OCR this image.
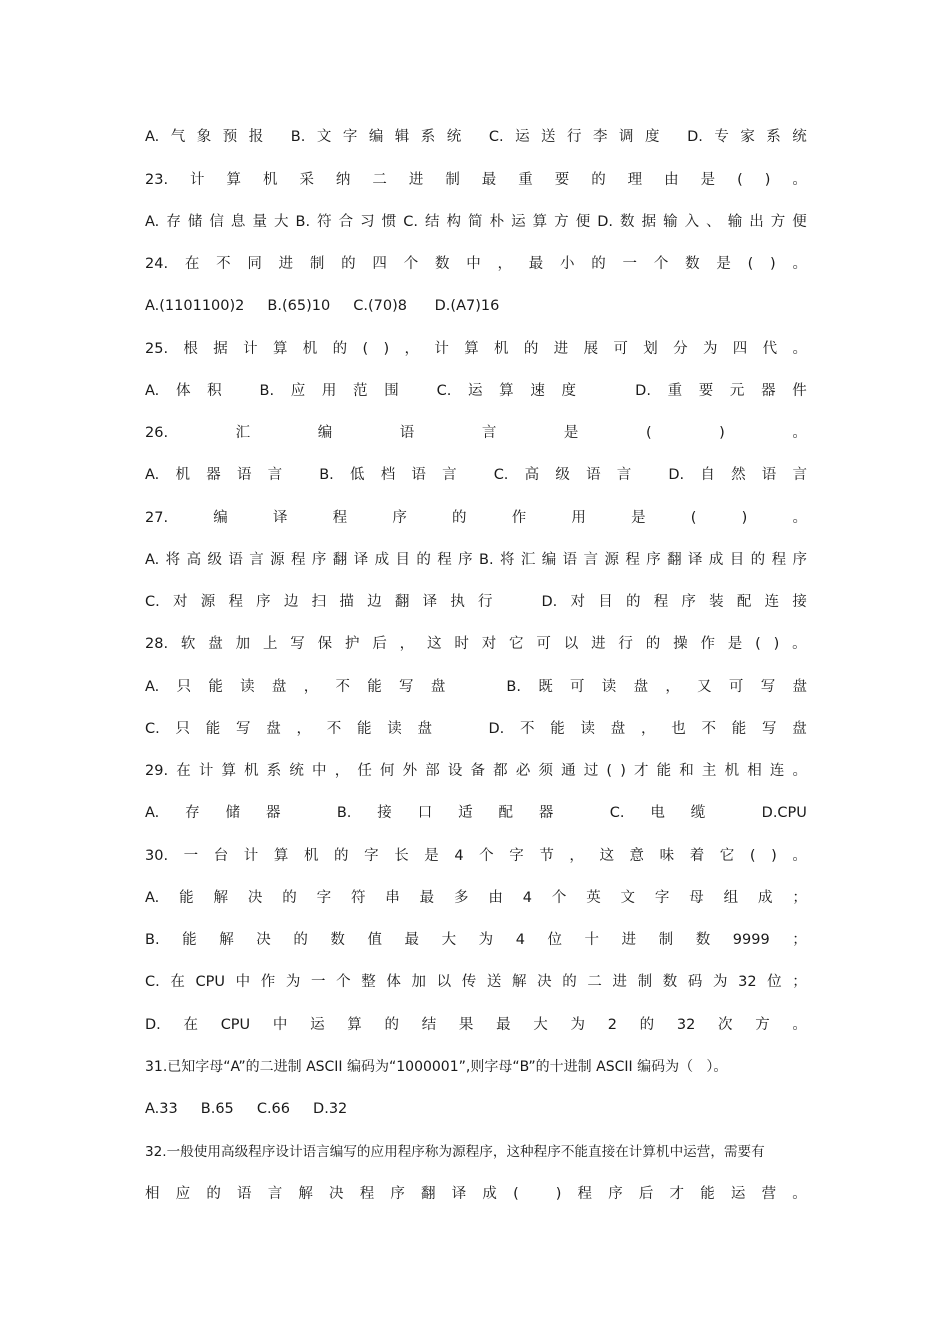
A. 气 象 预 报
B. 文 字 编 辑 系 统
C. 运 送 行 李 调 度
D. 专 家 系 统
23. 计 算 机 采 纳 二 进 制 最 重 要 的 理 由 是 ( ) 。
A. 存 储 信 息 量 大 B. 符 合 习 惯 C. 结 构 简 朴 运 算 方 便 D. 数 据 输 入 、 输 出 方 便
24. 在 不 同 进 制 的 四 个 数 中 ， 最 小 的 一 个 数 是 ( ) 。
A.(1101100)2     B.(65)10     C.(70)8      D.(A7)16
25. 根 据 计 算 机 的 ( ) ， 计 算 机 的 进 展 可 划 分 为 四 代 。
A. 体 积
	B. 应 用 范 围
	C. 运 算 速 度

	D. 重 要 元 器 件
26.	汇	编	语	言	是	(	)	。
A. 机 器 语 言
	B. 低 档 语 言
	C. 高 级 语 言
	D. 自 然 语 言
27.	编	译	程	序	的	作	用	是	(	)	。
A. 将 高 级 语 言 源 程 序 翻 译 成 目 的 程 序 B. 将 汇 编 语 言 源 程 序 翻 译 成 目 的 程 序
C. 对 源 程 序 边 扫 描 边 翻 译 执 行

	D. 对 目 的 程 序 装 配 连 接
28. 软 盘 加 上 写 保 护 后 ， 这 时 对 它 可 以 进 行 的 操 作 是 ( ) 。
A. 只 能 读 盘 ， 不 能 写 盘

	B. 既 可 读 盘 ， 又 可 写 盘
C. 只 能 写 盘 ， 不 能 读 盘

	D. 不 能 读 盘 ， 也 不 能 写 盘
29. 在 计 算 机 系 统 中 ， 任 何 外 部 设 备 都 必 须 通 过 ( ) 才 能 和 主 机 相 连 。
A. 存 储 器
	B. 接 口 适 配 器
	C. 电 缆
	D.CPU
30. 一 台 计 算 机 的 字 长 是 4 个 字 节 ， 这 意 味 着 它 ( ) 。
A. 能 解 决 的 字 符 串 最 多 由 4 个 英 文 字 母 组 成 ；
B. 能 解 决 的 数 值 最 大 为 4 位 十 进 制 数 9999 ；
C. 在 CPU 中 作 为 一 个 整 体 加 以 传 送 解 决 的 二 进 制 数 码 为 32 位 ；
D. 在 CPU 中 运 算 的 结 果 最 大 为 2 的 32 次 方 。
31.已知字母“A”的二进制 ASCII 编码为“1000001”,则字母“B”的十进制 ASCII 编码为（   ）。
A.33     B.65     C.66     D.32
32.一般使用高级程序设计语言编写的应用程序称为源程序，这种程序不能直接在计算机中运营，需要有
相 应 的 语 言 解 决 程 序 翻 译 成 (
	) 程 序 后 才 能 运 营 。
